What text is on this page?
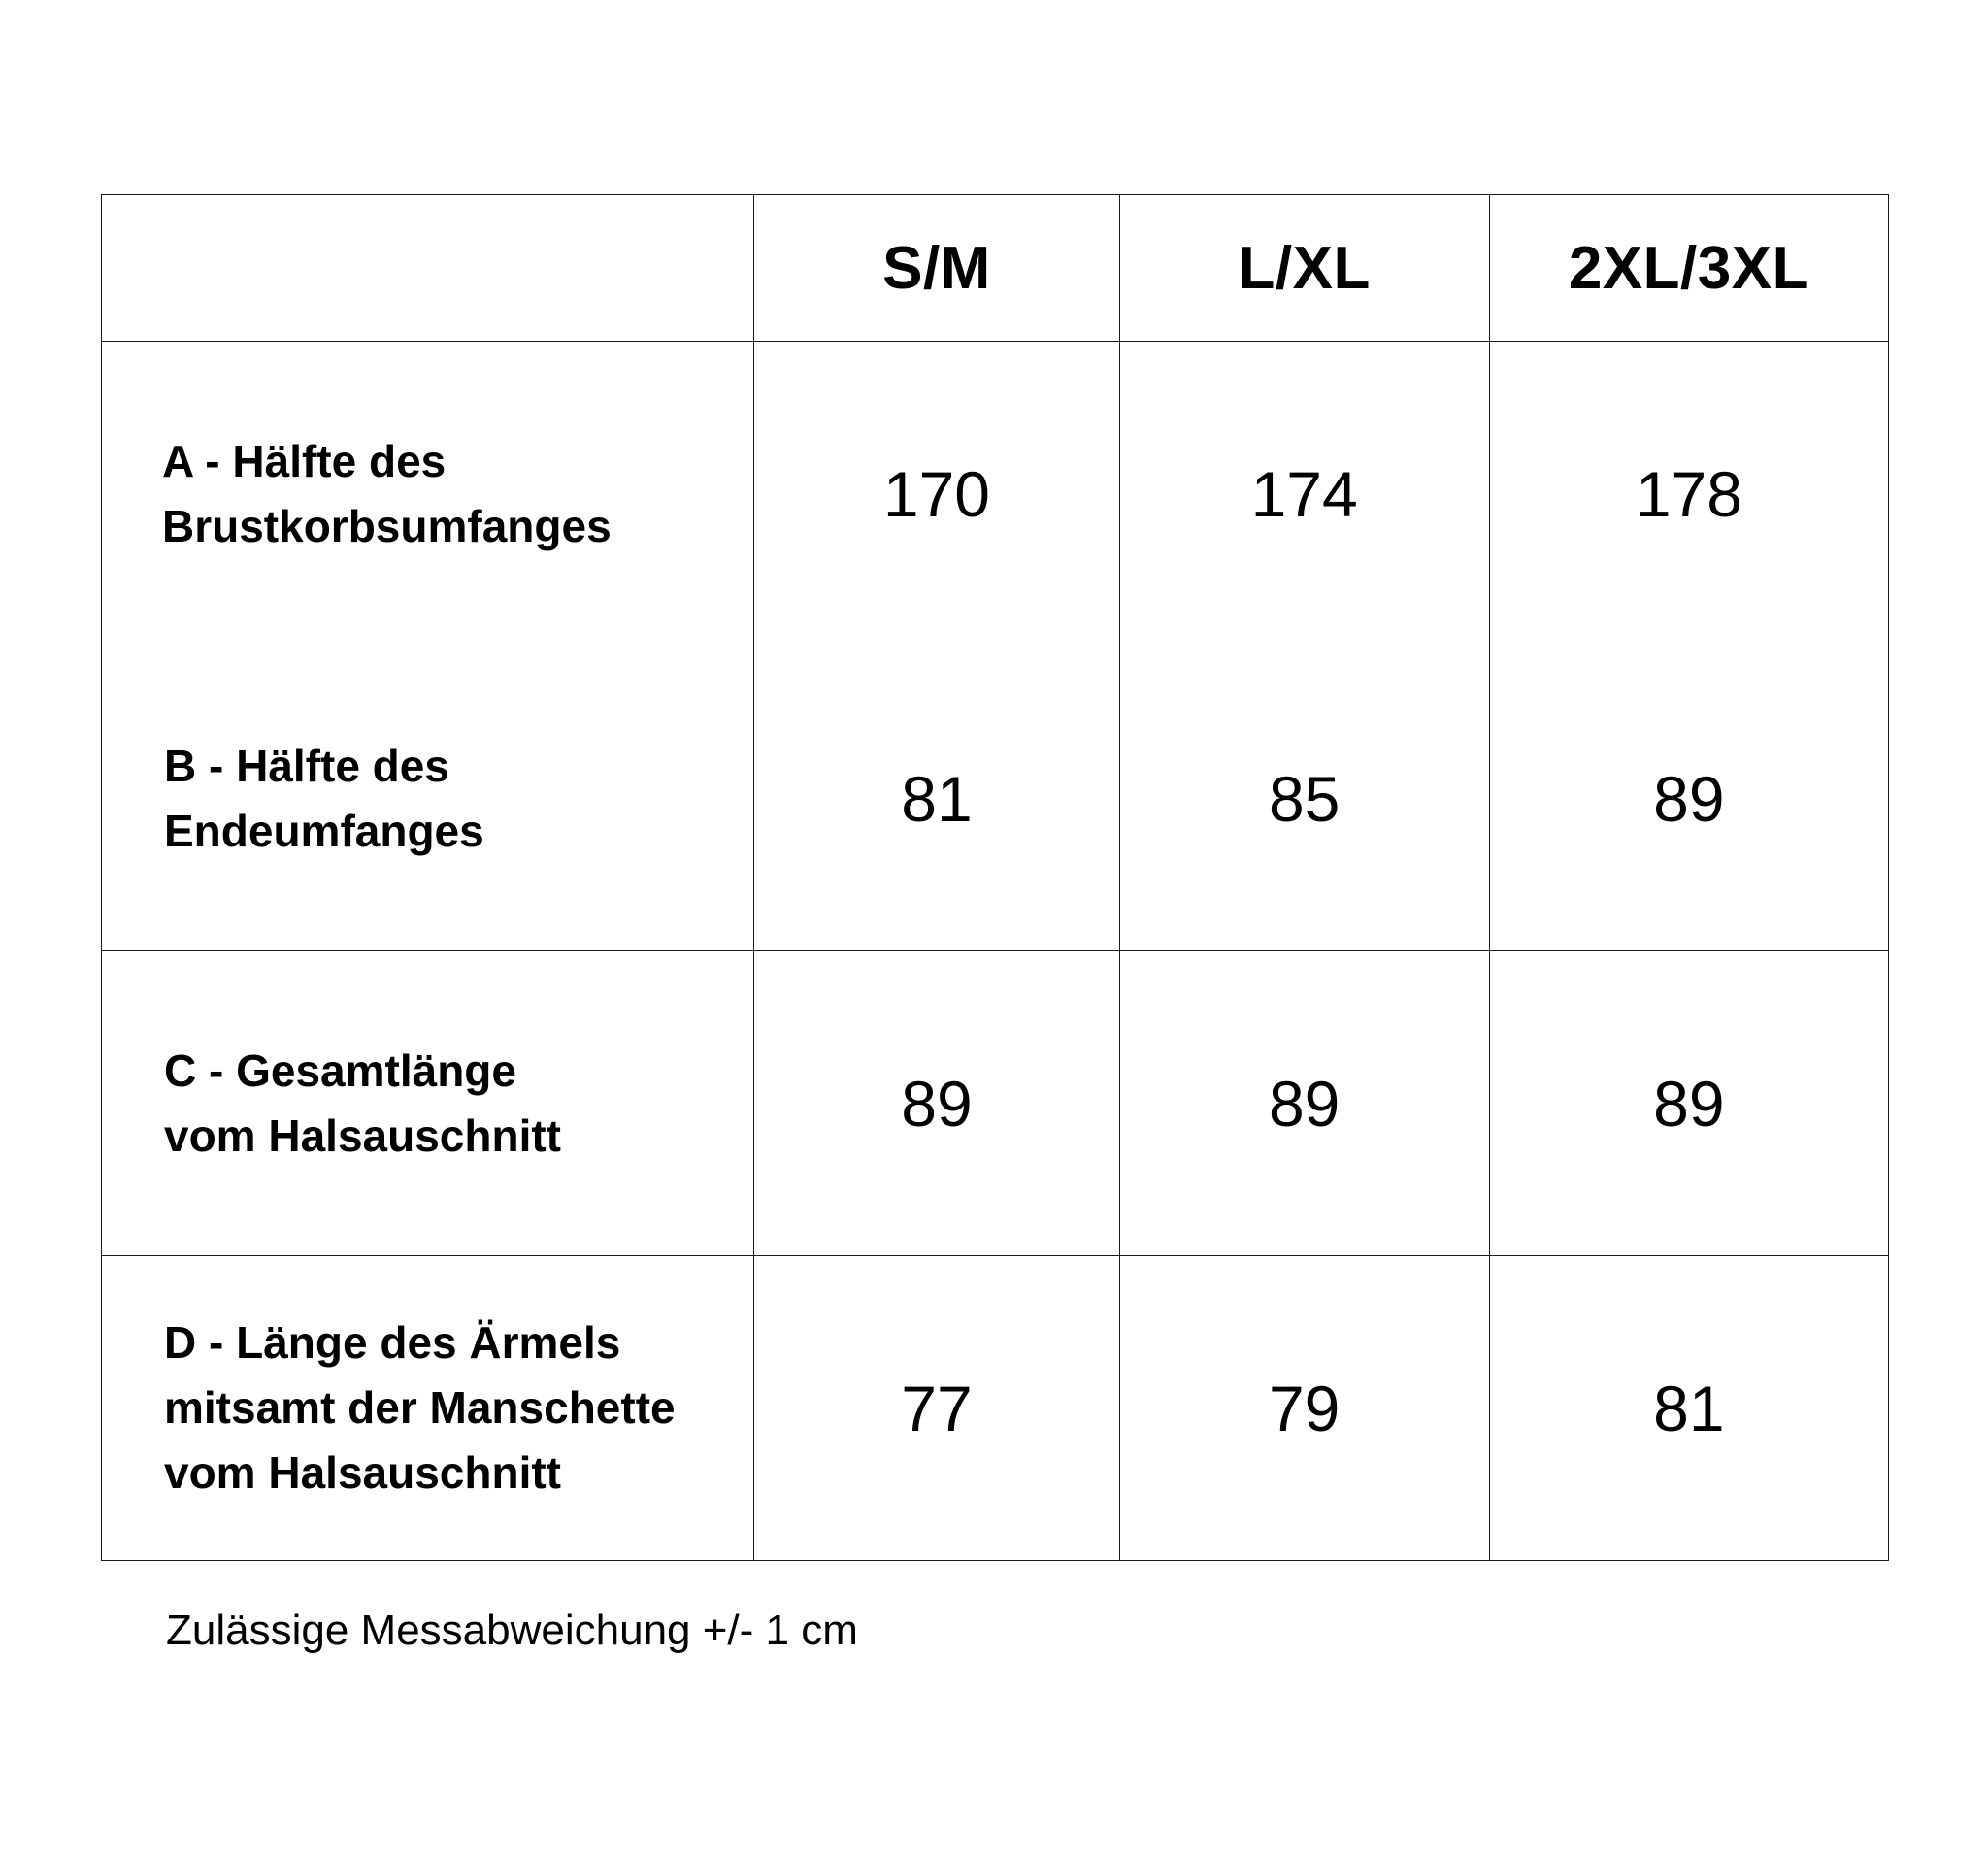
	S/M	L/XL	2XL/3XL
A - Hälfte des
Brustkorbsumfanges	170	174	178
B - Hälfte des
Endeumfanges	81	85	89
C - Gesamtlänge
vom Halsauschnitt	89	89	89
D - Länge des Ärmels
mitsamt der Manschette
vom Halsauschnitt	77	79	81
Zulässige Messabweichung +/- 1 cm
